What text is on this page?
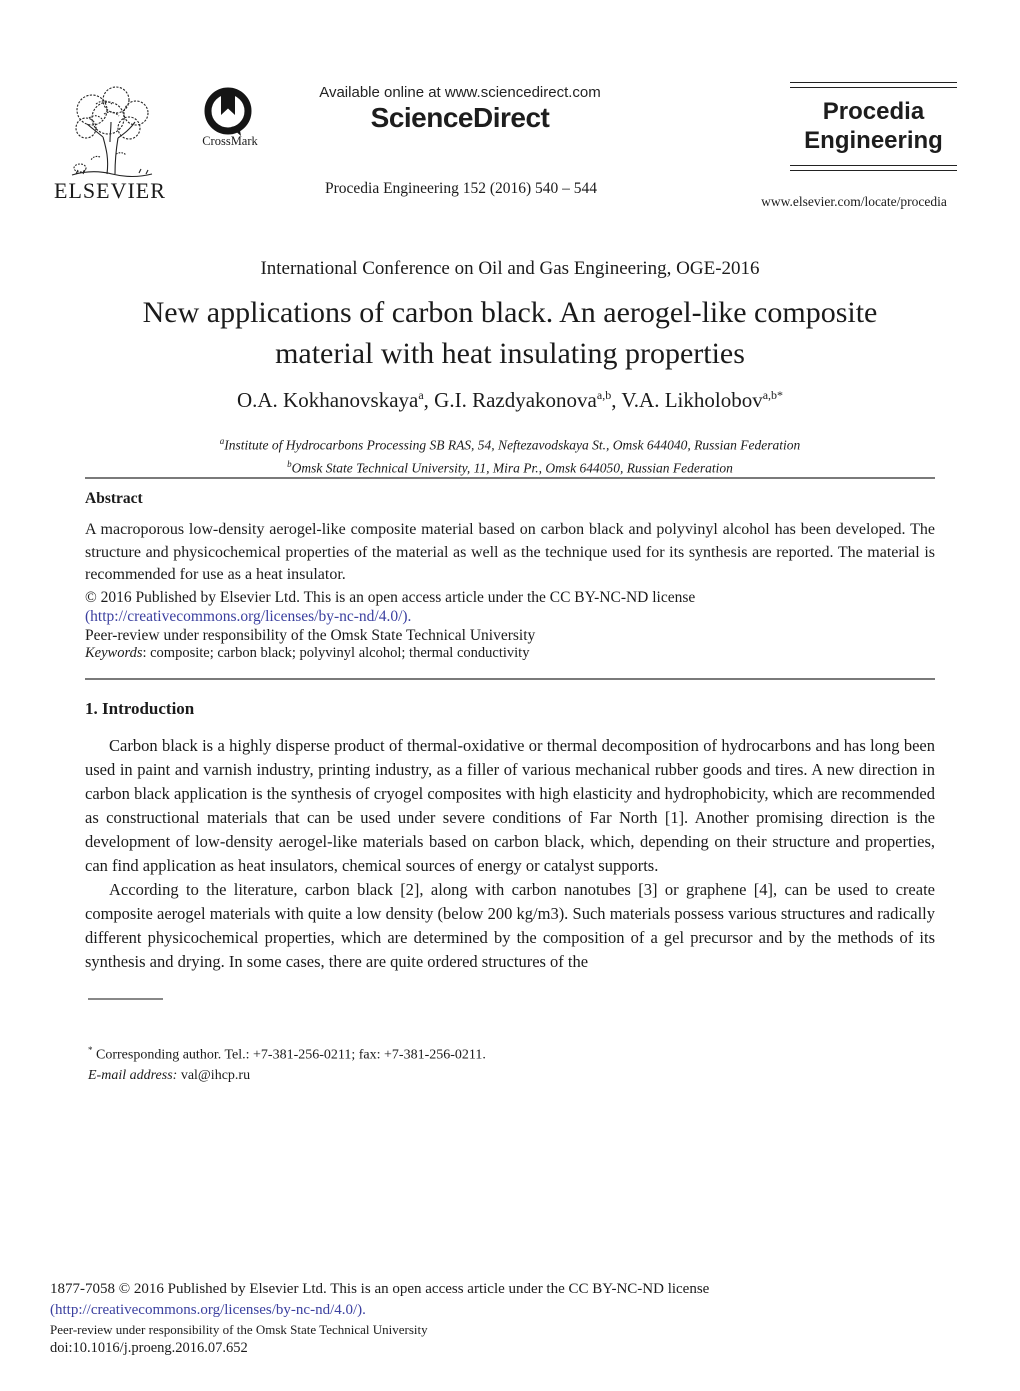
ELSEVIER
CrossMark
Available online at www.sciencedirect.com
ScienceDirect
Procedia Engineering 152 (2016) 540 – 544
Procedia Engineering
www.elsevier.com/locate/procedia
International Conference on Oil and Gas Engineering, OGE-2016
New applications of carbon black. An aerogel-like composite material with heat insulating properties
O.A. Kokhanovskaya$^a$, G.I. Razdyakonova$^{a,b}$, V.A. Likholobov$^{a,b*}$
$^a$Institute of Hydrocarbons Processing SB RAS, 54, Neftezavodskaya St., Omsk 644040, Russian Federation
$^b$Omsk State Technical University, 11, Mira Pr., Omsk 644050, Russian Federation
Abstract
A macroporous low-density aerogel-like composite material based on carbon black and polyvinyl alcohol has been developed. The structure and physicochemical properties of the material as well as the technique used for its synthesis are reported. The material is recommended for use as a heat insulator.
© 2016 Published by Elsevier Ltd. This is an open access article under the CC BY-NC-ND license
(http://creativecommons.org/licenses/by-nc-nd/4.0/).
Peer-review under responsibility of the Omsk State Technical University
Keywords: composite; carbon black; polyvinyl alcohol; thermal conductivity
1. Introduction

Carbon black is a highly disperse product of thermal-oxidative or thermal decomposition of hydrocarbons and has long been used in paint and varnish industry, printing industry, as a filler of various mechanical rubber goods and tires. A new direction in carbon black application is the synthesis of cryogel composites with high elasticity and hydrophobicity, which are recommended as constructional materials that can be used under severe conditions of Far North [1]. Another promising direction is the development of low-density aerogel-like materials based on carbon black, which, depending on their structure and properties, can find application as heat insulators, chemical sources of energy or catalyst supports.

According to the literature, carbon black [2], along with carbon nanotubes [3] or graphene [4], can be used to create composite aerogel materials with quite a low density (below 200 kg/m3). Such materials possess various structures and radically different physicochemical properties, which are determined by the composition of a gel precursor and by the methods of its synthesis and drying. In some cases, there are quite ordered structures of the

* Corresponding author. Tel.: +7-381-256-0211; fax: +7-381-256-0211.
E-mail address: val@ihcp.ru
1877-7058 © 2016 Published by Elsevier Ltd. This is an open access article under the CC BY-NC-ND license
(http://creativecommons.org/licenses/by-nc-nd/4.0/).
Peer-review under responsibility of the Omsk State Technical University
doi:10.1016/j.proeng.2016.07.652
